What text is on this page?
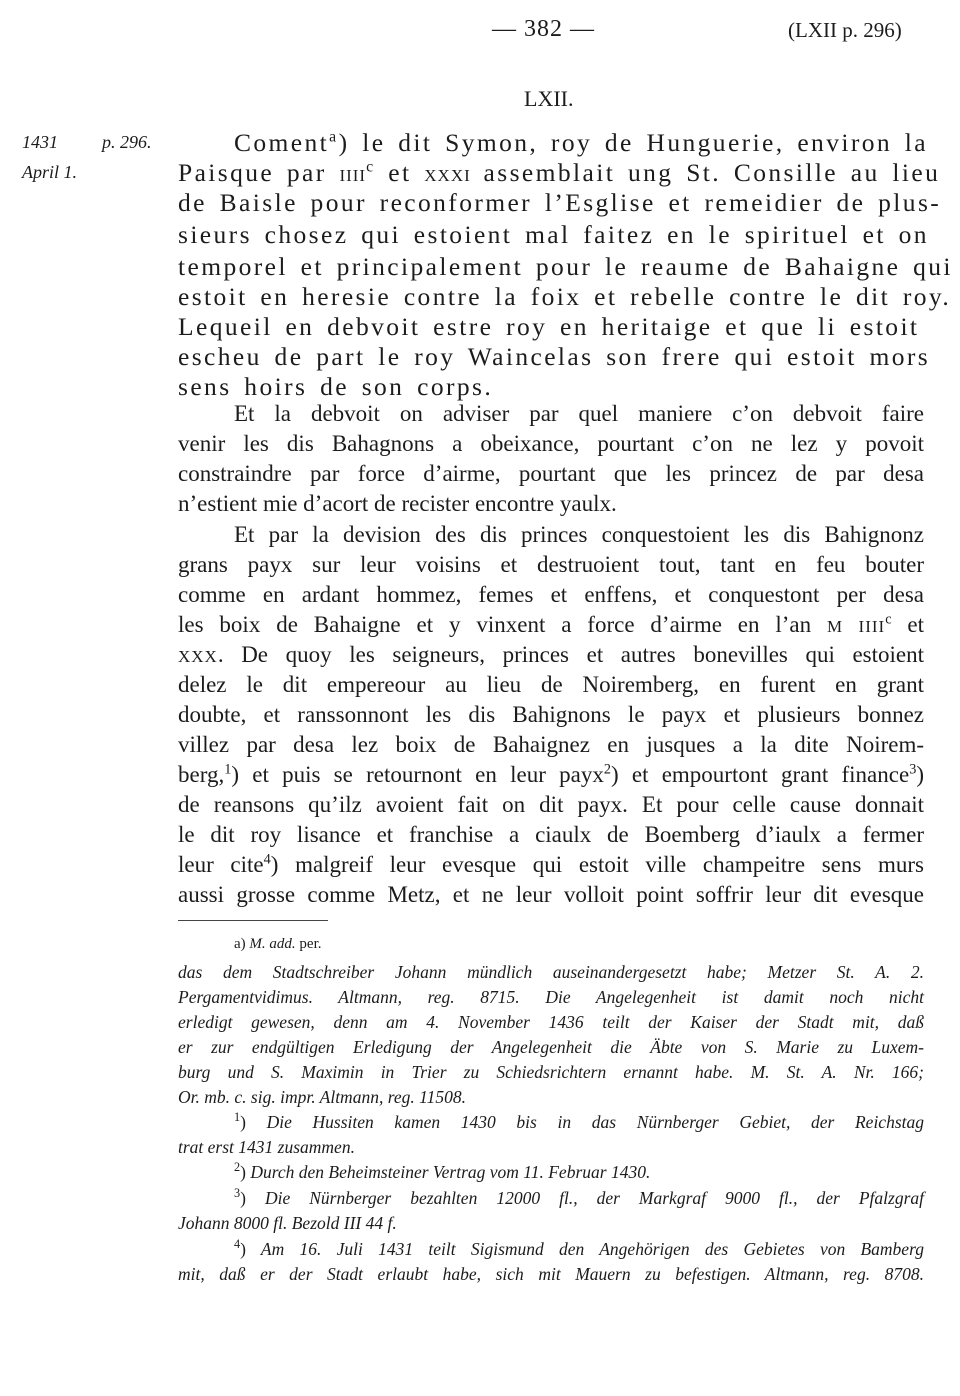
— 382 —	(LXII p. 296)
LXII.
1431 p. 296.
April 1.
Coment$^a$) le dit Symon, roy de Hunguerie, environ la
Paisque par IIII$^c$ et XXXI assemblait ung St. Consille au lieu
de Baisle pour reconformer l’Esglise et remeidier de plus-
sieurs chosez qui estoient mal faitez en le spirituel et on
temporel et principalement pour le reaume de Bahaigne qui
estoit en heresie contre la foix et rebelle contre le dit roy.
Lequeil en debvoit estre roy en heritaige et que li estoit
escheu de part le roy Waincelas son frere qui estoit mors
sens hoirs de son corps.
Et la debvoit on adviser par quel maniere c’on debvoit faire
venir les dis Bahagnons a obeixance, pourtant c’on ne lez y povoit
constraindre par force d’airme, pourtant que les princez de par desa
n’estient mie d’acort de recister encontre yaulx.
Et par la devision des dis princes conquestoient les dis Bahignonz
grans payx sur leur voisins et destruoient tout, tant en feu bouter
comme en ardant hommez, femes et enffens, et conquestont per desa
les boix de Bahaigne et y vinxent a force d’airme en l’an M IIII$^c$ et
XXX. De quoy les seigneurs, princes et autres bonevilles qui estoient
delez le dit empereour au lieu de Noiremberg, en furent en grant
doubte, et ranssonnont les dis Bahignons le payx et plusieurs bonnez
villez par desa lez boix de Bahaignez en jusques a la dite Noirem-
berg,$^1$) et puis se retournont en leur payx$^2$) et empourtont grant finance$^3$)
de reansons qu’ilz avoient fait on dit payx. Et pour celle cause donnait
le dit roy lisance et franchise a ciaulx de Boemberg d’iaulx a fermer
leur cite$^4$) malgreif leur evesque qui estoit ville champeitre sens murs
aussi grosse comme Metz, et ne leur volloit point soffrir leur dit evesque
a) M. add. per.
das dem Stadtschreiber Johann mündlich auseinandergesetzt habe; Metzer St. A. 2.
Pergamentvidimus. Altmann, reg. 8715. Die Angelegenheit ist damit noch nicht
erledigt gewesen, denn am 4. November 1436 teilt der Kaiser der Stadt mit, daß
er zur endgültigen Erledigung der Angelegenheit die Äbte von S. Marie zu Luxem-
burg und S. Maximin in Trier zu Schiedsrichtern ernannt habe. M. St. A. Nr. 166;
Or. mb. c. sig. impr. Altmann, reg. 11508.
$^1$) Die Hussiten kamen 1430 bis in das Nürnberger Gebiet, der Reichstag
trat erst 1431 zusammen.
$^2$) Durch den Beheimsteiner Vertrag vom 11. Februar 1430.
$^3$) Die Nürnberger bezahlten 12000 fl., der Markgraf 9000 fl., der Pfalzgraf
Johann 8000 fl. Bezold III 44 f.
$^4$) Am 16. Juli 1431 teilt Sigismund den Angehörigen des Gebietes von Bamberg
mit, daß er der Stadt erlaubt habe, sich mit Mauern zu befestigen. Altmann, reg. 8708.
